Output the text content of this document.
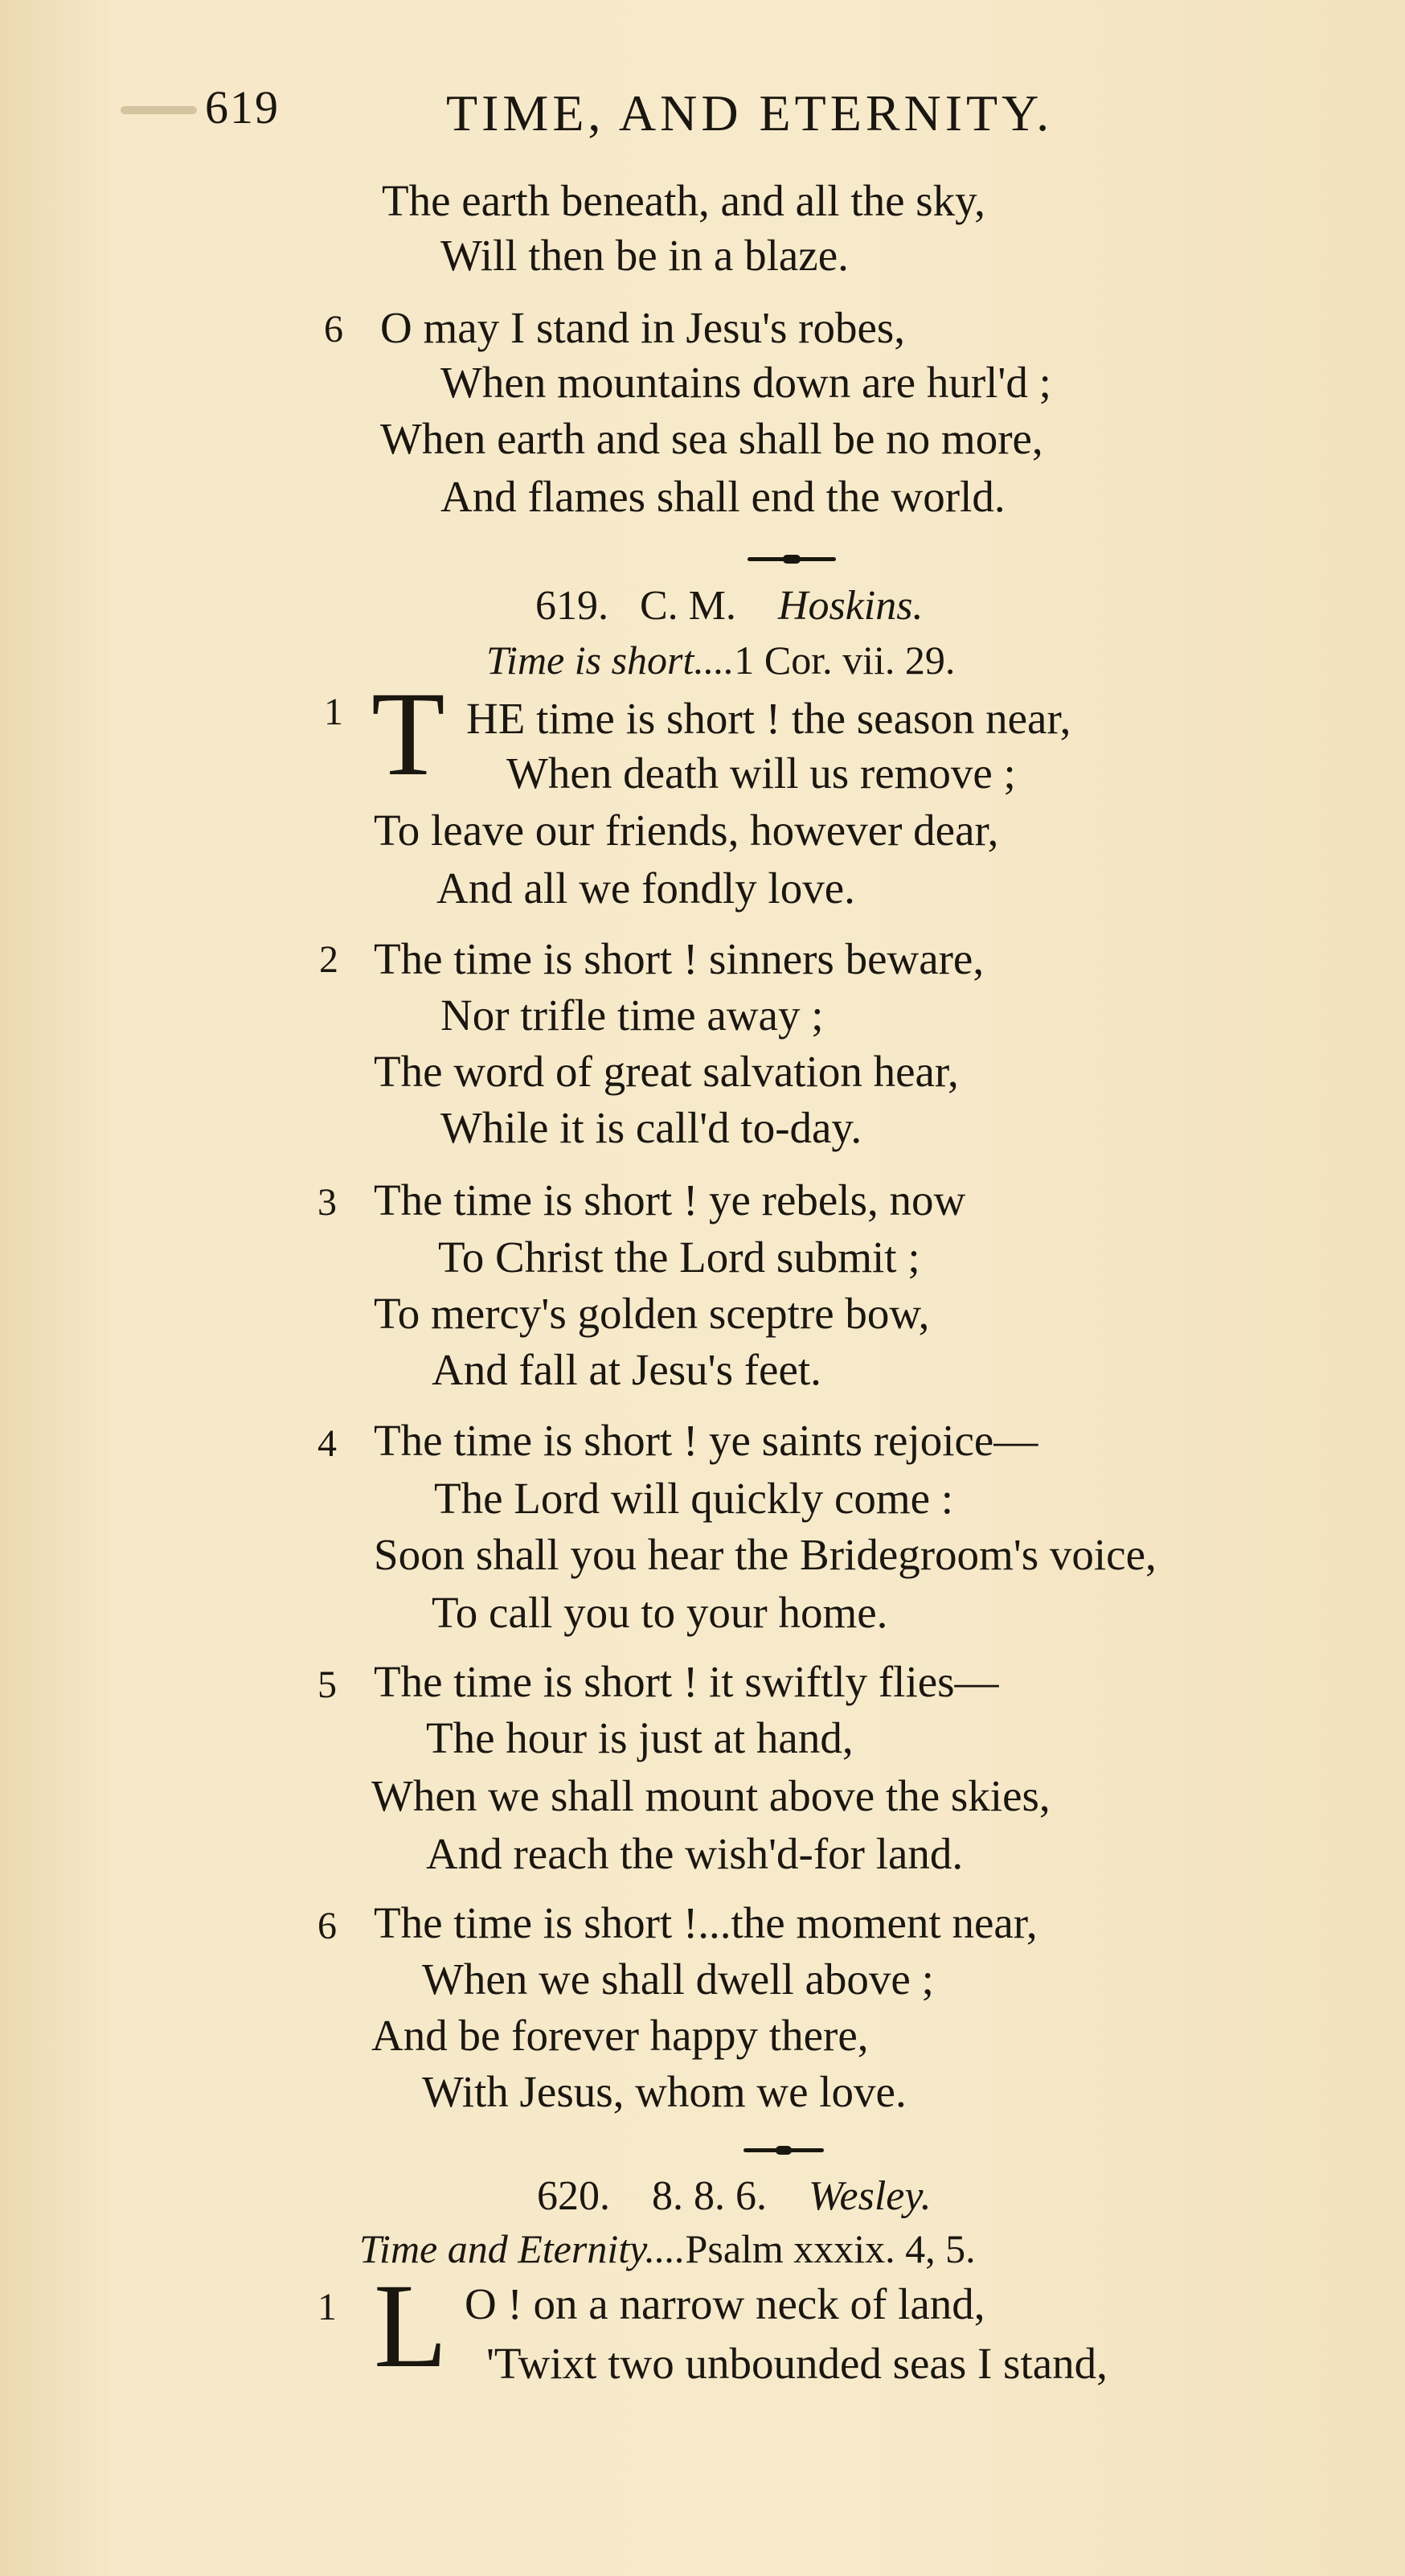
619	TIME, AND ETERNITY.
The earth beneath, and all the sky,
Will then be in a blaze.
6 O may I stand in Jesu's robes,
When mountains down are hurl'd ;
When earth and sea shall be no more,
And flames shall end the world.
619. C. M. Hoskins.
Time is short....1 Cor. vii. 29.
1 T HE time is short ! the season near,
When death will us remove ;
To leave our friends, however dear,
And all we fondly love.
2 The time is short ! sinners beware,
Nor trifle time away ;
The word of great salvation hear,
While it is call'd to-day.
3 The time is short ! ye rebels, now
To Christ the Lord submit ;
To mercy's golden sceptre bow,
And fall at Jesu's feet.
4 The time is short ! ye saints rejoice—
The Lord will quickly come :
Soon shall you hear the Bridegroom's voice,
To call you to your home.
5 The time is short ! it swiftly flies—
The hour is just at hand,
When we shall mount above the skies,
And reach the wish'd-for land.
6 The time is short !...the moment near,
When we shall dwell above ;
And be forever happy there,
With Jesus, whom we love.
620. 8. 8. 6. Wesley.
Time and Eternity....Psalm xxxix. 4, 5.
1 L O ! on a narrow neck of land,
'Twixt two unbounded seas I stand,
